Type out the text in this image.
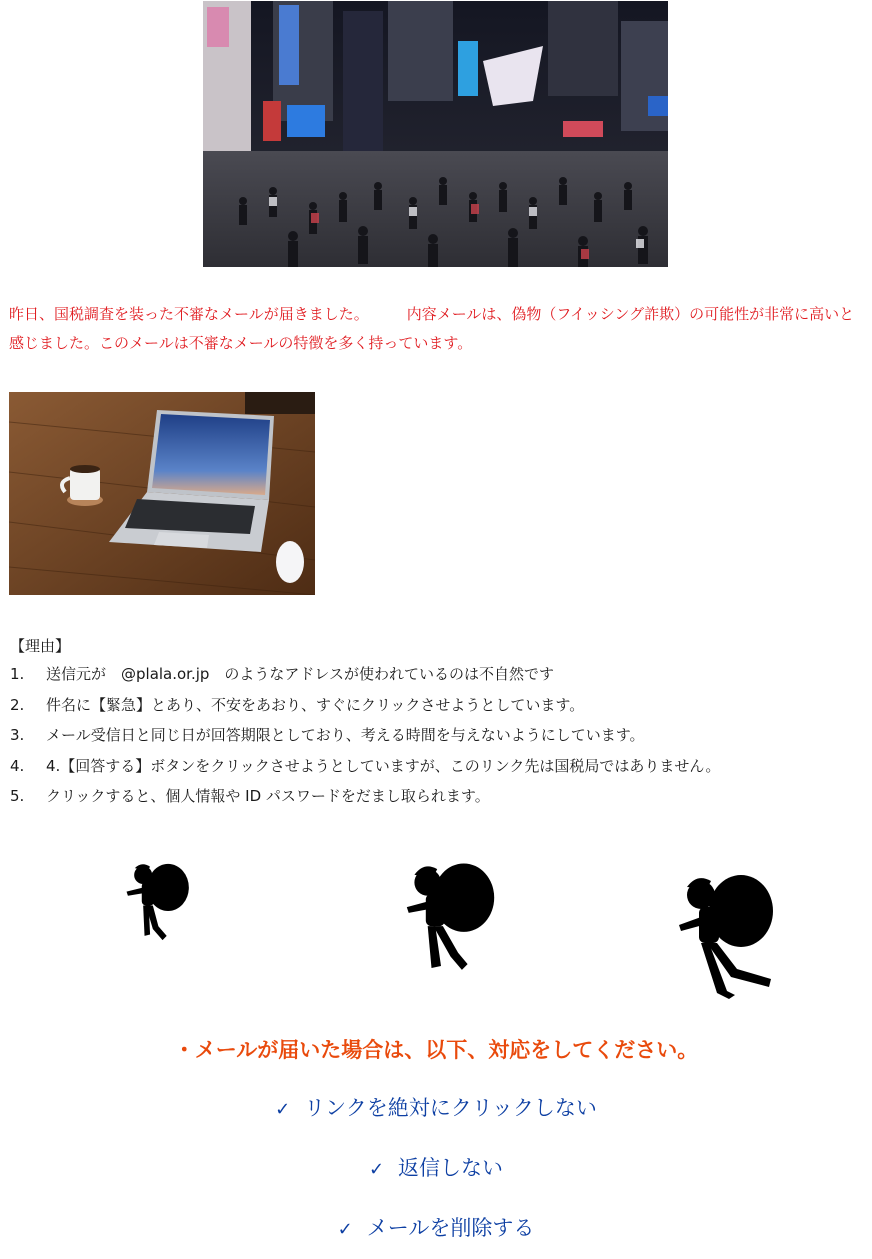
昨日、国税調査を装った不審なメールが届きました。	内容メールは、偽物（フイッシング詐欺）の可能性が非常に高いと感じました。このメールは不審なメールの特徴を多く持っています。
【理由】
1. 送信元が　@plala.or.jp　のようなアドレスが使われているのは不自然です
2. 件名に【緊急】とあり、不安をあおり、すぐにクリックさせようとしています。
3. メール受信日と同じ日が回答期限としており、考える時間を与えないようにしています。
4. 4.【回答する】ボタンをクリックさせようとしていますが、このリンク先は国税局ではありません。
5. クリックすると、個人情報や ID パスワードをだまし取られます。
・メールが届いた場合は、以下、対応をしてください。
✓ リンクを絶対にクリックしない
✓ 返信しない
✓ メールを削除する
